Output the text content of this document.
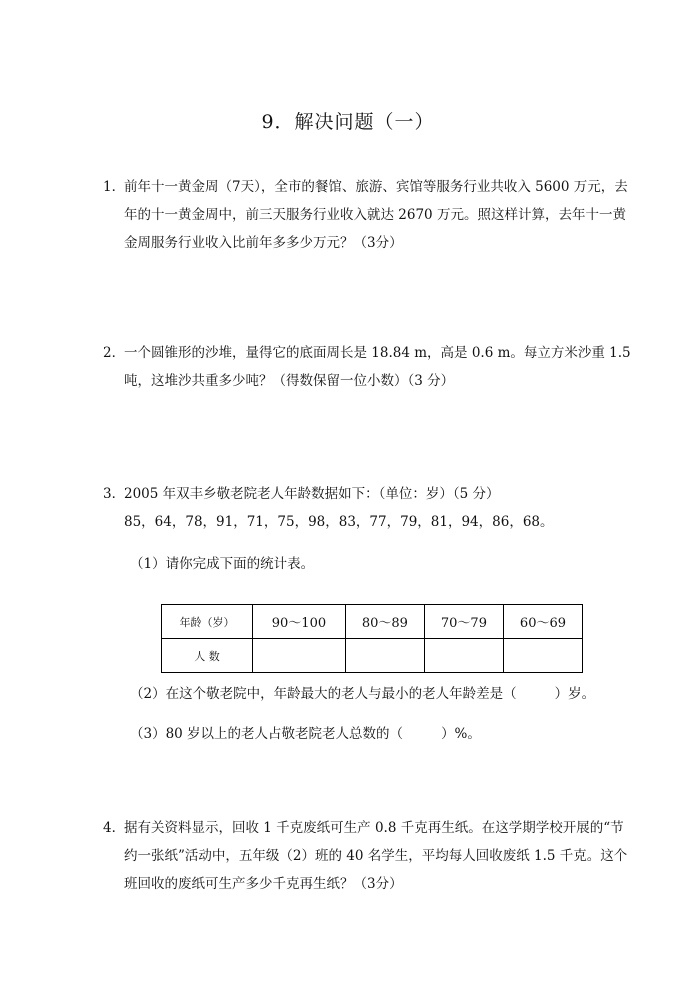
9．解决问题（一）
1．
前年十一黄金周（7天），全市的餐馆、旅游、宾馆等服务行业共收入 5600 万元，去
年的十一黄金周中，前三天服务行业收入就达 2670 万元。照这样计算，去年十一黄
金周服务行业收入比前年多多少万元？（3分）
2．
一个圆锥形的沙堆，量得它的底面周长是 18.84 m，高是 0.6 m。每立方米沙重 1.5
吨，这堆沙共重多少吨？（得数保留一位小数）（3 分）
3．
2005 年双丰乡敬老院老人年龄数据如下：（单位：岁）（5 分）
85，64，78，91，71，75，98，83，77，79，81，94，86，68。
（1）请你完成下面的统计表。
年龄（岁）	90～100	80～89	70～79	60～69
人 数				
（2）在这个敬老院中，年龄最大的老人与最小的老人年龄差是（	）岁。
（3）80 岁以上的老人占敬老院老人总数的（	）%。
4．
据有关资料显示，回收 1 千克废纸可生产 0.8 千克再生纸。在这学期学校开展的“节
约一张纸”活动中，五年级（2）班的 40 名学生，平均每人回收废纸 1.5 千克。这个
班回收的废纸可生产多少千克再生纸？（3分）
